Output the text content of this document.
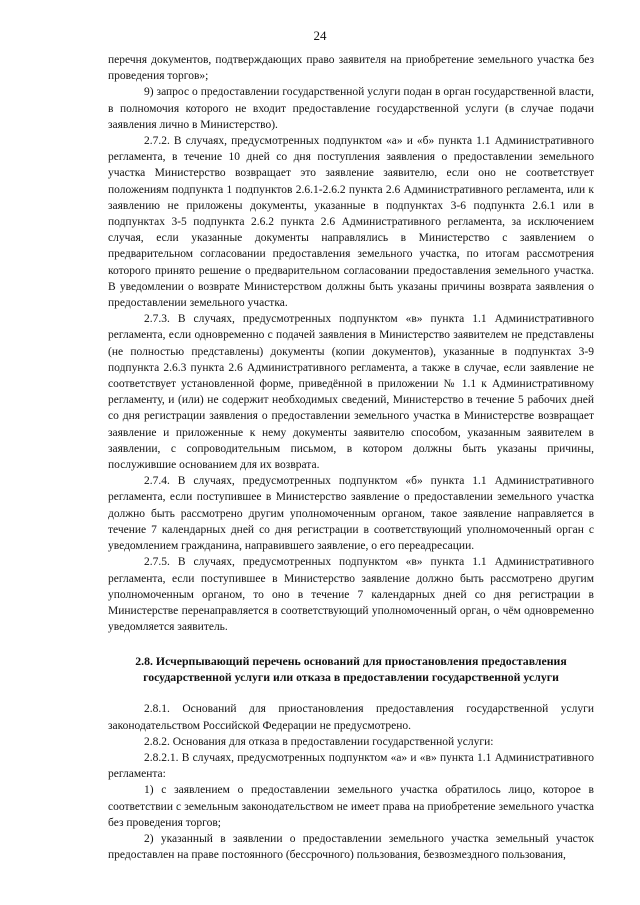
24

перечня документов, подтверждающих право заявителя на приобретение земельного участка без проведения торгов»;

9) запрос о предоставлении государственной услуги подан в орган государственной власти, в полномочия которого не входит предоставление государственной услуги (в случае подачи заявления лично в Министерство).

2.7.2. В случаях, предусмотренных подпунктом «а» и «б» пункта 1.1 Административного регламента, в течение 10 дней со дня поступления заявления о предоставлении земельного участка Министерство возвращает это заявление заявителю, если оно не соответствует положениям подпункта 1 подпунктов 2.6.1-2.6.2 пункта 2.6 Административного регламента, или к заявлению не приложены документы, указанные в подпунктах 3-6 подпункта 2.6.1 или в подпунктах 3-5 подпункта 2.6.2 пункта 2.6 Административного регламента, за исключением случая, если указанные документы направлялись в Министерство с заявлением о предварительном согласовании предоставления земельного участка, по итогам рассмотрения которого принято решение о предварительном согласовании предоставления земельного участка. В уведомлении о возврате Министерством должны быть указаны причины возврата заявления о предоставлении земельного участка.

2.7.3. В случаях, предусмотренных подпунктом «в» пункта 1.1 Административного регламента, если одновременно с подачей заявления в Министерство заявителем не представлены (не полностью представлены) документы (копии документов), указанные в подпунктах 3-9 подпункта 2.6.3 пункта 2.6 Административного регламента, а также в случае, если заявление не соответствует установленной форме, приведённой в приложении № 1.1 к Административному регламенту, и (или) не содержит необходимых сведений, Министерство в течение 5 рабочих дней со дня регистрации заявления о предоставлении земельного участка в Министерстве возвращает заявление и приложенные к нему документы заявителю способом, указанным заявителем в заявлении, с сопроводительным письмом, в котором должны быть указаны причины, послужившие основанием для их возврата.

2.7.4. В случаях, предусмотренных подпунктом «б» пункта 1.1 Административного регламента, если поступившее в Министерство заявление о предоставлении земельного участка должно быть рассмотрено другим уполномоченным органом, такое заявление направляется в течение 7 календарных дней со дня регистрации в соответствующий уполномоченный орган с уведомлением гражданина, направившего заявление, о его переадресации.

2.7.5. В случаях, предусмотренных подпунктом «в» пункта 1.1 Административного регламента, если поступившее в Министерство заявление должно быть рассмотрено другим уполномоченным органом, то оно в течение 7 календарных дней со дня регистрации в Министерстве перенаправляется в соответствующий уполномоченный орган, о чём одновременно уведомляется заявитель.

2.8. Исчерпывающий перечень оснований для приостановления предоставления государственной услуги или отказа в предоставлении государственной услуги

2.8.1. Оснований для приостановления предоставления государственной услуги законодательством Российской Федерации не предусмотрено.

2.8.2. Основания для отказа в предоставлении государственной услуги:

2.8.2.1. В случаях, предусмотренных подпунктом «а» и «в» пункта 1.1 Административного регламента:

1) с заявлением о предоставлении земельного участка обратилось лицо, которое в соответствии с земельным законодательством не имеет права на приобретение земельного участка без проведения торгов;

2) указанный в заявлении о предоставлении земельного участка земельный участок предоставлен на праве постоянного (бессрочного) пользования, безвозмездного пользования,
